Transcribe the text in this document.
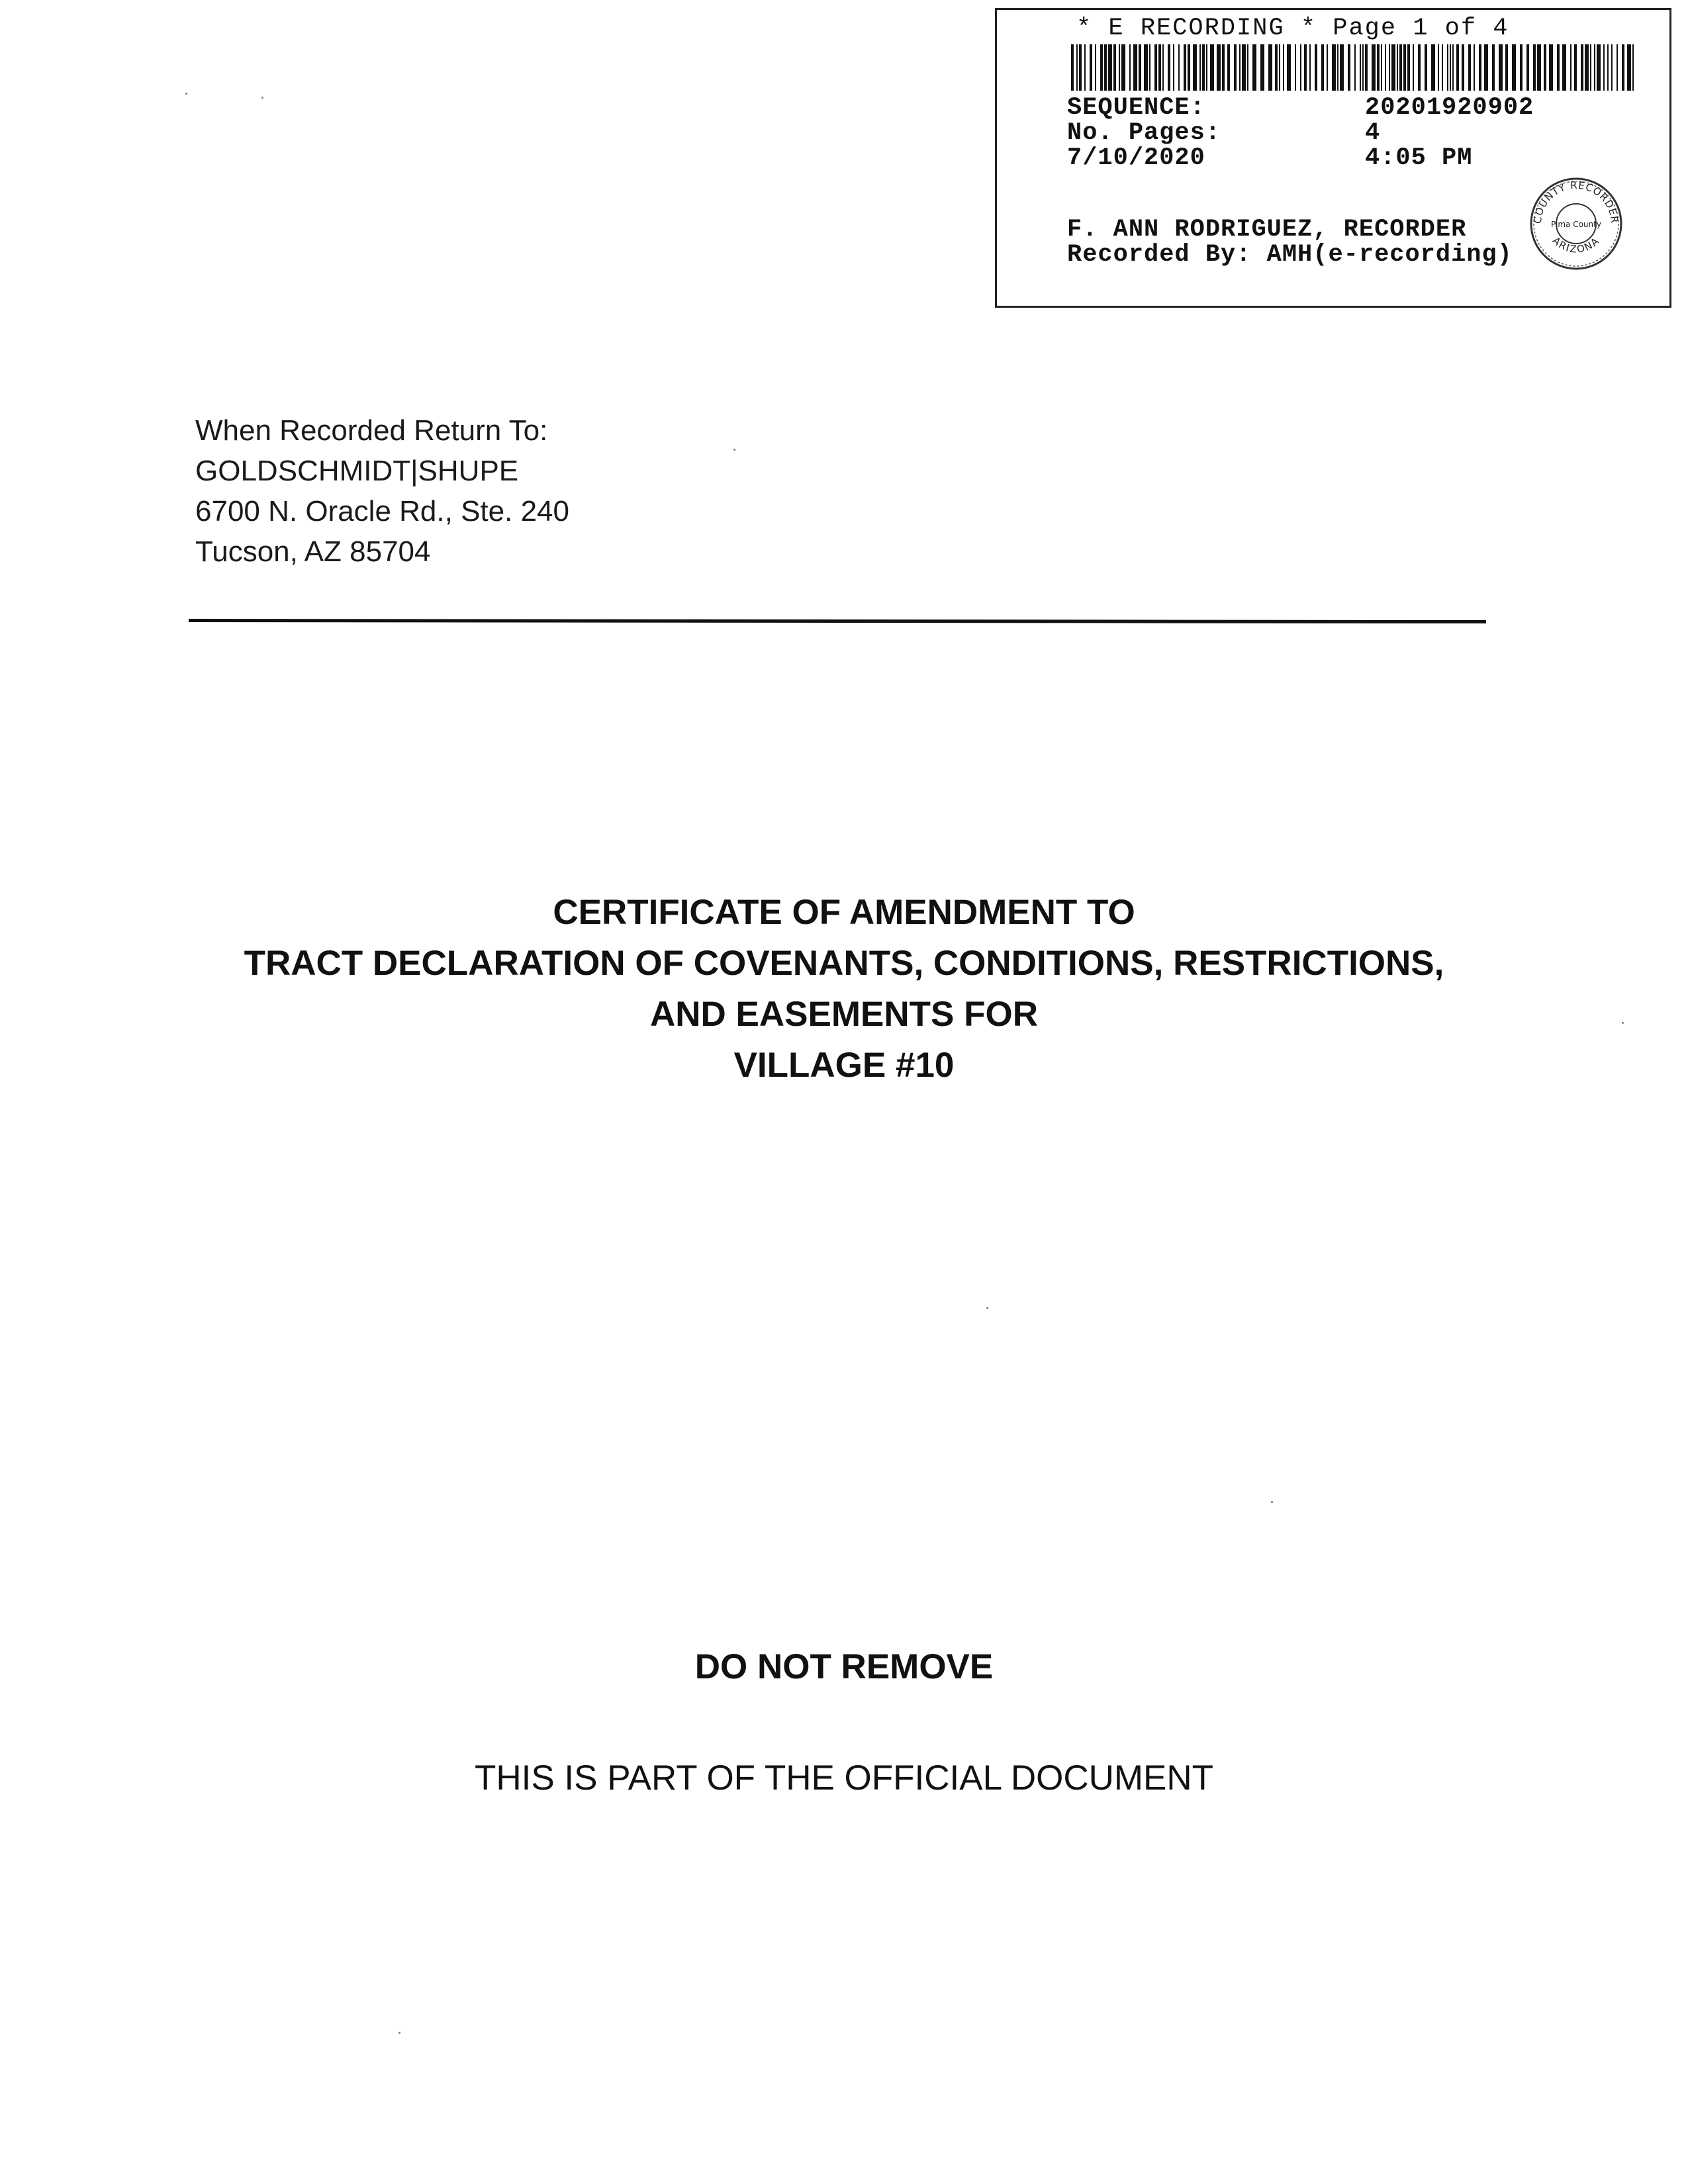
* E RECORDING * Page 1 of 4
SEQUENCE:	20201920902
No. Pages:	4
7/10/2020	4:05 PM
F. ANN RODRIGUEZ, RECORDER
Recorded By: AMH(e-recording)
COUNTY RECORDER
ARIZONA
Pima County
When Recorded Return To:
GOLDSCHMIDT|SHUPE
6700 N. Oracle Rd., Ste. 240
Tucson, AZ 85704
CERTIFICATE OF AMENDMENT TO
TRACT DECLARATION OF COVENANTS, CONDITIONS, RESTRICTIONS,
AND EASEMENTS FOR
VILLAGE #10
DO NOT REMOVE
THIS IS PART OF THE OFFICIAL DOCUMENT
